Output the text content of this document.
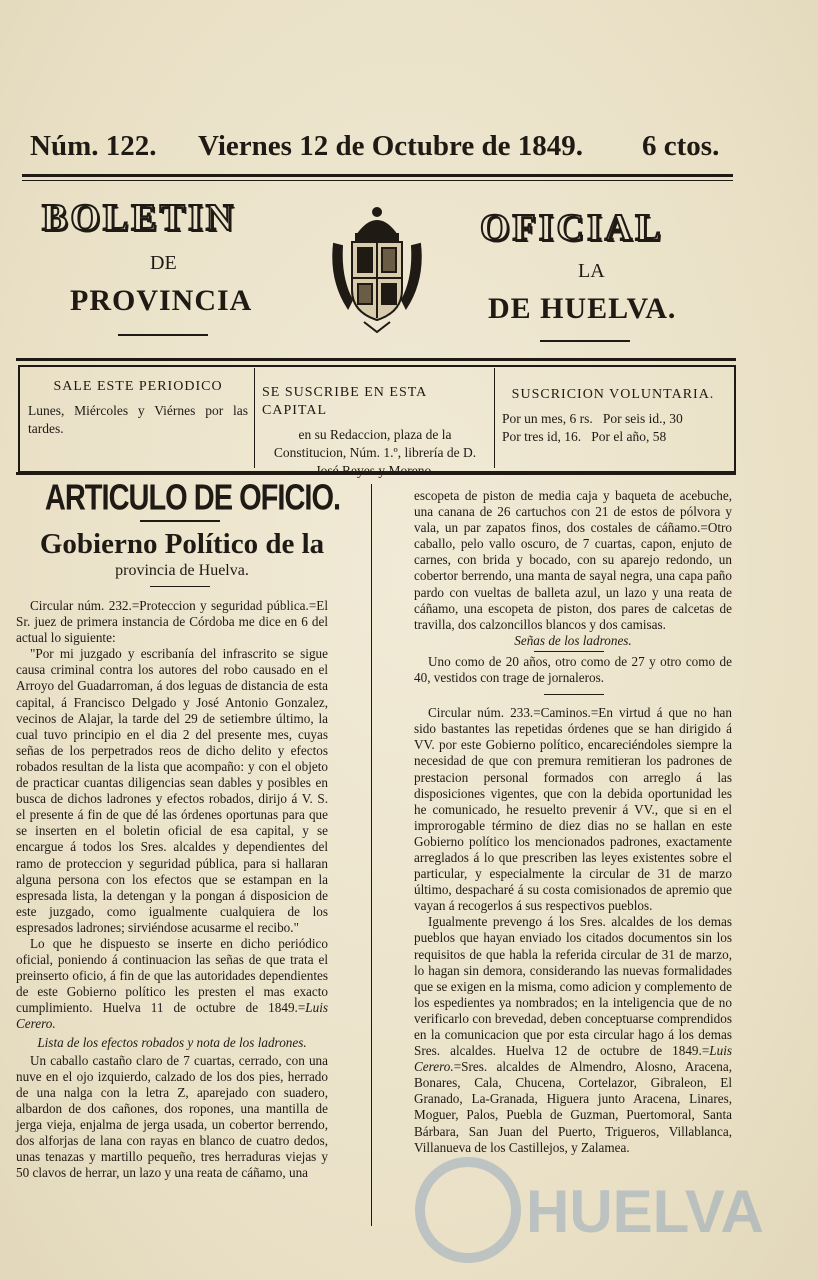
Núm. 122. Viernes 12 de Octubre de 1849. 6 ctos.
BOLETIN	OFICIAL
DE	LA
PROVINCIA	DE HUELVA.
SALE ESTE PERIODICO
Lunes, Miércoles y Viérnes por las tardes.
SE SUSCRIBE EN ESTA CAPITAL
en su Redaccion, plaza de la Constitucion, Núm. 1.º, librería de D. José Reyes y Moreno.
SUSCRICION VOLUNTARIA.
Por un mes, 6 rs.   Por seis id., 30
Por tres id, 16.   Por el año, 58
ARTICULO DE OFICIO.
Gobierno Político de la
provincia de Huelva.

Circular núm. 232.=Proteccion y seguridad pública.=El Sr. juez de primera instancia de Córdoba me dice en 6 del actual lo siguiente:

"Por mi juzgado y escribanía del infrascrito se sigue causa criminal contra los autores del robo causado en el Arroyo del Guadarroman, á dos leguas de distancia de esta capital, á Francisco Delgado y José Antonio Gonzalez, vecinos de Alajar, la tarde del 29 de setiembre último, la cual tuvo principio en el dia 2 del presente mes, cuyas señas de los perpetrados reos de dicho delito y efectos robados resultan de la lista que acompaño: y con el objeto de practicar cuantas diligencias sean dables y posibles en busca de dichos ladrones y efectos robados, dirijo á V. S. el presente á fin de que dé las órdenes oportunas para que se inserten en el boletin oficial de esa capital, y se encargue á todos los Sres. alcaldes y dependientes del ramo de proteccion y seguridad pública, para si hallaran alguna persona con los efectos que se estampan en la espresada lista, la detengan y la pongan á disposicion de este juzgado, como igualmente cualquiera de los espresados ladrones; sirviéndose acusarme el recibo."

Lo que he dispuesto se inserte en dicho periódico oficial, poniendo á continuacion las señas de que trata el preinserto oficio, á fin de que las autoridades dependientes de este Gobierno político les presten el mas exacto cumplimiento. Huelva 11 de octubre de 1849.=Luis Cerero.

Lista de los efectos robados y nota de los ladrones.

Un caballo castaño claro de 7 cuartas, cerrado, con una nuve en el ojo izquierdo, calzado de los dos pies, herrado de una nalga con la letra Z, aparejado con suadero, albardon de dos cañones, dos ropones, una mantilla de jerga vieja, enjalma de jerga usada, un cobertor berrendo, dos alforjas de lana con rayas en blanco de cuatro dedos, unas tenazas y martillo pequeño, tres herraduras viejas y 50 clavos de herrar, un lazo y una reata de cáñamo, una

escopeta de piston de media caja y baqueta de acebuche, una canana de 26 cartuchos con 21 de estos de pólvora y vala, un par zapatos finos, dos costales de cáñamo.=Otro caballo, pelo vallo oscuro, de 7 cuartas, capon, enjuto de carnes, con brida y bocado, con su aparejo redondo, un cobertor berrendo, una manta de sayal negra, una capa paño pardo con vueltas de balleta azul, un lazo y una reata de cáñamo, una escopeta de piston, dos pares de calcetas de travilla, dos calzoncillos blancos y dos camisas.

Señas de los ladrones.

Uno como de 20 años, otro como de 27 y otro como de 40, vestidos con trage de jornaleros.

Circular núm. 233.=Caminos.=En virtud á que no han sido bastantes las repetidas órdenes que se han dirigido á VV. por este Gobierno político, encareciéndoles siempre la necesidad de que con premura remitieran los padrones de prestacion personal formados con arreglo á las disposiciones vigentes, que con la debida oportunidad les he comunicado, he resuelto prevenir á VV., que si en el improrogable término de diez dias no se hallan en este Gobierno político los mencionados padrones, exactamente arreglados á lo que prescriben las leyes existentes sobre el particular, y especialmente la circular de 31 de marzo último, despacharé á su costa comisionados de apremio que vayan á recogerlos á sus respectivos pueblos.

Igualmente prevengo á los Sres. alcaldes de los demas pueblos que hayan enviado los citados documentos sin los requisitos de que habla la referida circular de 31 de marzo, lo hagan sin demora, considerando las nuevas formalidades que se exigen en la misma, como adicion y complemento de los espedientes ya nombrados; en la inteligencia que de no verificarlo con brevedad, deben conceptuarse comprendidos en la comunicacion que por esta circular hago á los demas Sres. alcaldes. Huelva 12 de octubre de 1849.=Luis Cerero.=Sres. alcaldes de Almendro, Alosno, Aracena, Bonares, Cala, Chucena, Cortelazor, Gibraleon, El Granado, La-Granada, Higuera junto Aracena, Linares, Moguer, Palos, Puebla de Guzman, Puertomoral, Santa Bárbara, San Juan del Puerto, Trigueros, Villablanca, Villanueva de los Castillejos, y Zalamea.

HUELVA
